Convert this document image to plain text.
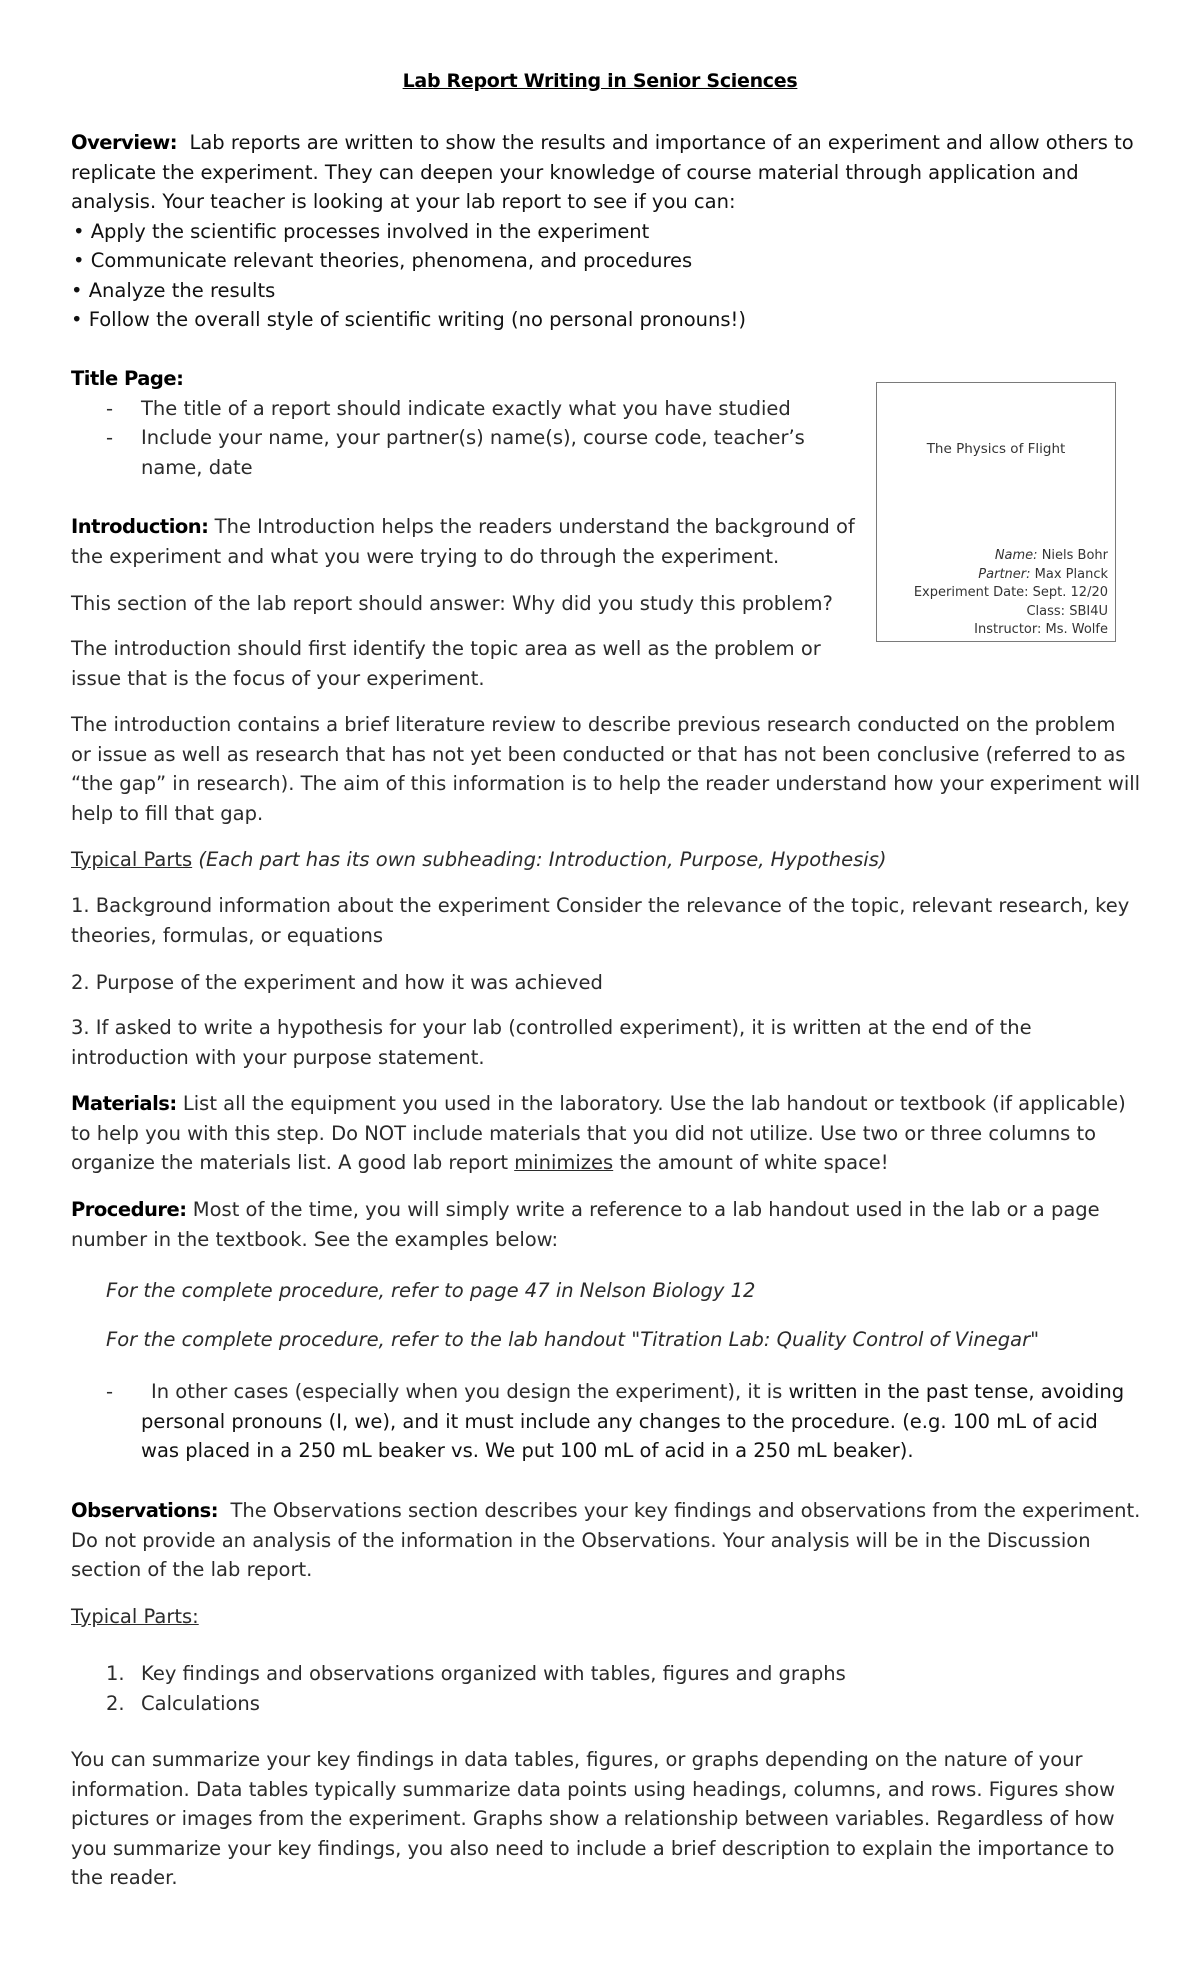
Lab Report Writing in Senior Sciences

Overview: Lab reports are written to show the results and importance of an experiment and allow others to replicate the experiment. They can deepen your knowledge of course material through application and analysis. Your teacher is looking at your lab report to see if you can:

• Apply the scientific processes involved in the experiment
• Communicate relevant theories, phenomena, and procedures
• Analyze the results
• Follow the overall style of scientific writing (no personal pronouns!)
Title Page:
- The title of a report should indicate exactly what you have studied
- Include your name, your partner(s) name(s), course code, teacher’s name, date
The Physics of Flight
Name: Niels Bohr
Partner: Max Planck
Experiment Date: Sept. 12/20
Class: SBI4U
Instructor: Ms. Wolfe

Introduction: The Introduction helps the readers understand the background of the experiment and what you were trying to do through the experiment.

This section of the lab report should answer: Why did you study this problem?

The introduction should first identify the topic area as well as the problem or issue that is the focus of your experiment.

The introduction contains a brief literature review to describe previous research conducted on the problem or issue as well as research that has not yet been conducted or that has not been conclusive (referred to as “the gap” in research). The aim of this information is to help the reader understand how your experiment will help to fill that gap.

Typical Parts (Each part has its own subheading: Introduction, Purpose, Hypothesis)

1. Background information about the experiment Consider the relevance of the topic, relevant research, key theories, formulas, or equations

2. Purpose of the experiment and how it was achieved

3. If asked to write a hypothesis for your lab (controlled experiment), it is written at the end of the introduction with your purpose statement.

Materials: List all the equipment you used in the laboratory. Use the lab handout or textbook (if applicable) to help you with this step. Do NOT include materials that you did not utilize. Use two or three columns to organize the materials list. A good lab report minimizes the amount of white space!

Procedure: Most of the time, you will simply write a reference to a lab handout used in the lab or a page number in the textbook. See the examples below:

For the complete procedure, refer to page 47 in Nelson Biology 12

For the complete procedure, refer to the lab handout "Titration Lab: Quality Control of Vinegar"

-	In other cases (especially when you design the experiment), it is written in the past tense, avoiding personal pronouns (I, we), and it must include any changes to the procedure. (e.g. 100 mL of acid was placed in a 250 mL beaker vs. We put 100 mL of acid in a 250 mL beaker).

Observations: The Observations section describes your key findings and observations from the experiment. Do not provide an analysis of the information in the Observations. Your analysis will be in the Discussion section of the lab report.

Typical Parts:

1. Key findings and observations organized with tables, figures and graphs
2. Calculations

You can summarize your key findings in data tables, figures, or graphs depending on the nature of your information. Data tables typically summarize data points using headings, columns, and rows. Figures show pictures or images from the experiment. Graphs show a relationship between variables. Regardless of how you summarize your key findings, you also need to include a brief description to explain the importance to the reader.
